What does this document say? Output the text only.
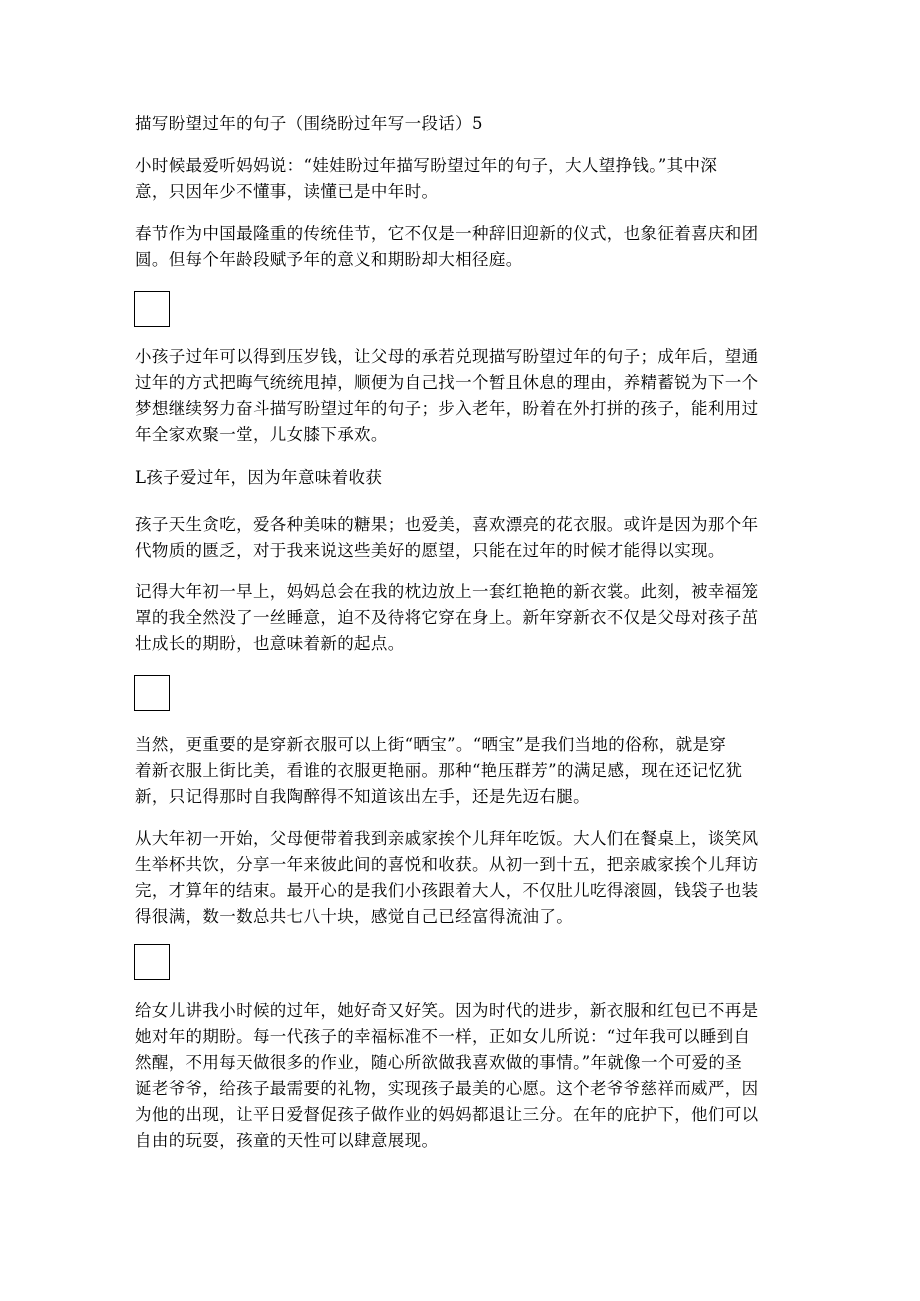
描写盼望过年的句子（围绕盼过年写一段话）5

小时候最爱听妈妈说：“娃娃盼过年描写盼望过年的句子，大人望挣钱。”其中深

意，只因年少不懂事，读懂已是中年时。

春节作为中国最隆重的传统佳节，它不仅是一种辞旧迎新的仪式，也象征着喜庆和团

圆。但每个年龄段赋予年的意义和期盼却大相径庭。

小孩子过年可以得到压岁钱，让父母的承若兑现描写盼望过年的句子；成年后，望通

过年的方式把晦气统统甩掉，顺便为自己找一个暂且休息的理由，养精蓄锐为下一个

梦想继续努力奋斗描写盼望过年的句子；步入老年，盼着在外打拼的孩子，能利用过

年全家欢聚一堂，儿女膝下承欢。

L孩子爱过年，因为年意味着收获

孩子天生贪吃，爱各种美味的糖果；也爱美，喜欢漂亮的花衣服。或许是因为那个年

代物质的匮乏，对于我来说这些美好的愿望，只能在过年的时候才能得以实现。

记得大年初一早上，妈妈总会在我的枕边放上一套红艳艳的新衣裳。此刻，被幸福笼

罩的我全然没了一丝睡意，迫不及待将它穿在身上。新年穿新衣不仅是父母对孩子茁

壮成长的期盼，也意味着新的起点。

当然，更重要的是穿新衣服可以上街“晒宝”。“晒宝”是我们当地的俗称，就是穿

着新衣服上街比美，看谁的衣服更艳丽。那种“艳压群芳”的满足感，现在还记忆犹

新，只记得那时自我陶醉得不知道该出左手，还是先迈右腿。

从大年初一开始，父母便带着我到亲戚家挨个儿拜年吃饭。大人们在餐桌上，谈笑风

生举杯共饮，分享一年来彼此间的喜悦和收获。从初一到十五，把亲戚家挨个儿拜访

完，才算年的结束。最开心的是我们小孩跟着大人，不仅肚儿吃得滚圆，钱袋子也装

得很满，数一数总共七八十块，感觉自己已经富得流油了。

给女儿讲我小时候的过年，她好奇又好笑。因为时代的进步，新衣服和红包已不再是

她对年的期盼。每一代孩子的幸福标准不一样，正如女儿所说：“过年我可以睡到自

然醒，不用每天做很多的作业，随心所欲做我喜欢做的事情。”年就像一个可爱的圣

诞老爷爷，给孩子最需要的礼物，实现孩子最美的心愿。这个老爷爷慈祥而威严，因

为他的出现，让平日爱督促孩子做作业的妈妈都退让三分。在年的庇护下，他们可以

自由的玩耍，孩童的天性可以肆意展现。
